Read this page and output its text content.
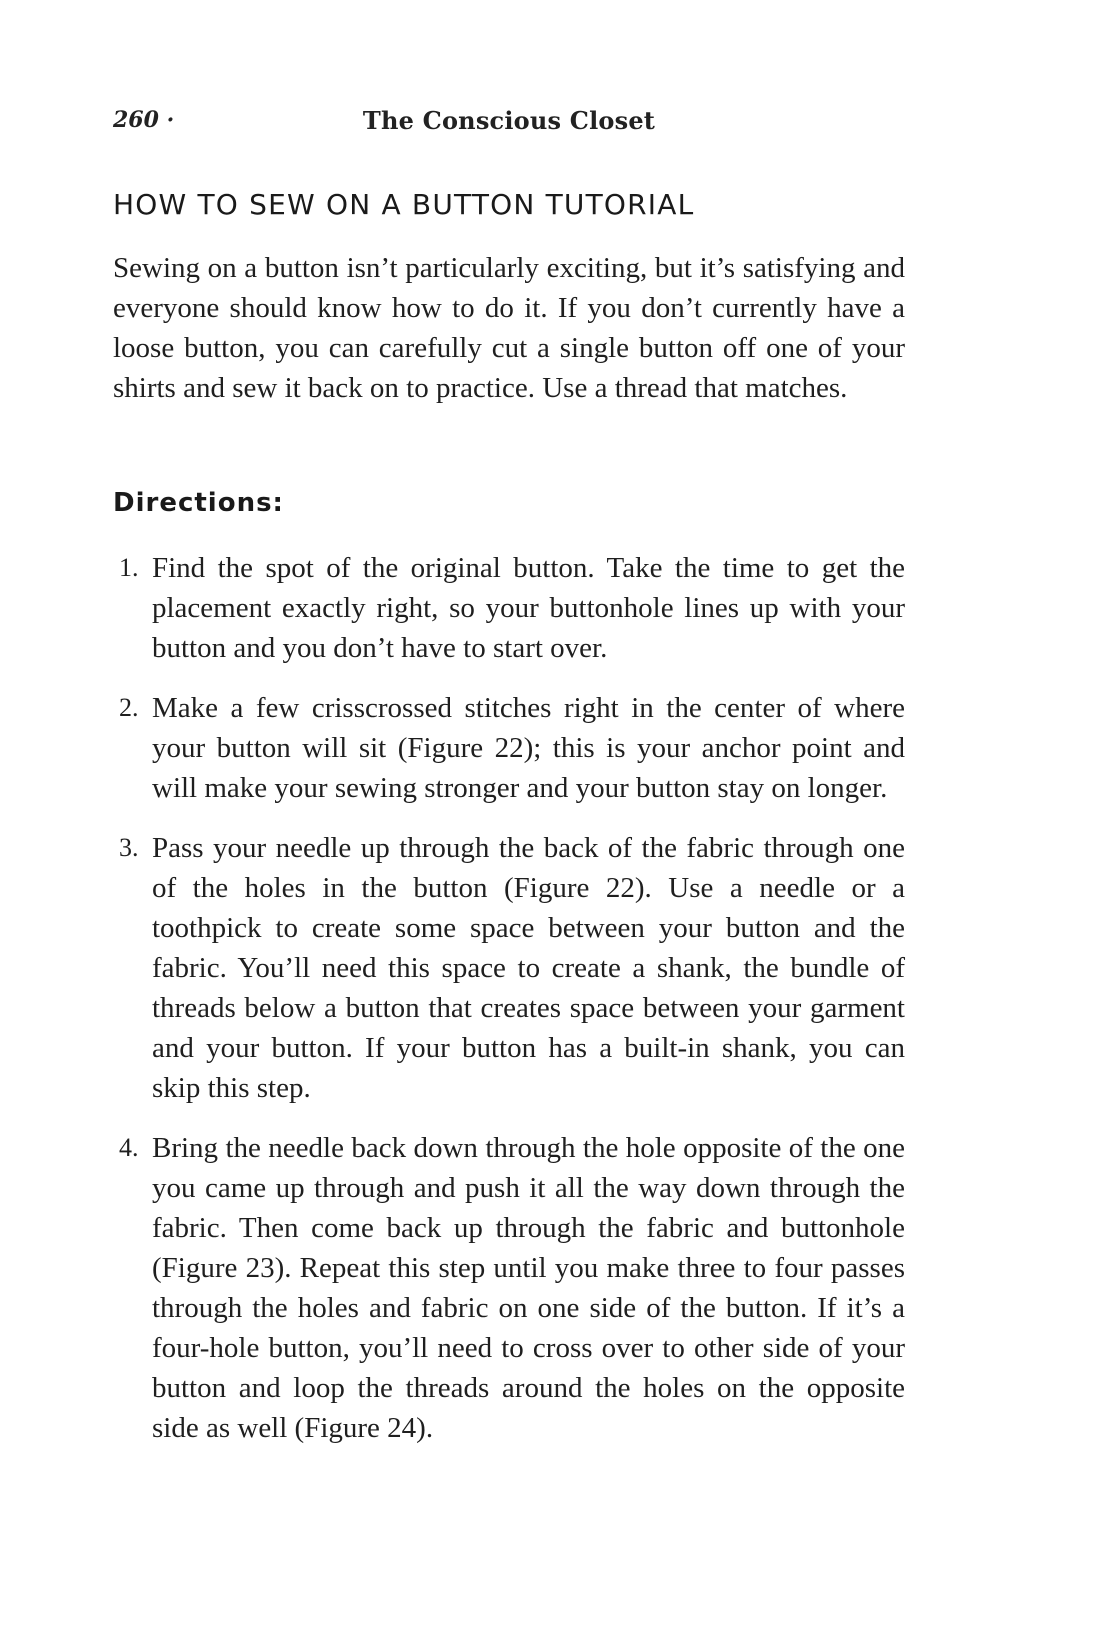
260 ·	The Conscious Closet
HOW TO SEW ON A BUTTON TUTORIAL

Sewing on a button isn’t particularly exciting, but it’s satisfying and everyone should know how to do it. If you don’t currently have a loose button, you can carefully cut a single button off one of your shirts and sew it back on to practice. Use a thread that matches.

Directions:
1. Find the spot of the original button. Take the time to get the placement exactly right, so your buttonhole lines up with your button and you don’t have to start over.
2. Make a few crisscrossed stitches right in the center of where your button will sit (Figure 22); this is your anchor point and will make your sewing stronger and your button stay on longer.
3. Pass your needle up through the back of the fabric through one of the holes in the button (Figure 22). Use a needle or a toothpick to create some space between your button and the fabric. You’ll need this space to create a shank, the bundle of threads below a button that creates space between your garment and your button. If your button has a built-in shank, you can skip this step.
4. Bring the needle back down through the hole opposite of the one you came up through and push it all the way down through the fabric. Then come back up through the fabric and buttonhole (Figure 23). Repeat this step until you make three to four passes through the holes and fabric on one side of the button. If it’s a four-hole button, you’ll need to cross over to other side of your button and loop the threads around the holes on the opposite side as well (Figure 24).
